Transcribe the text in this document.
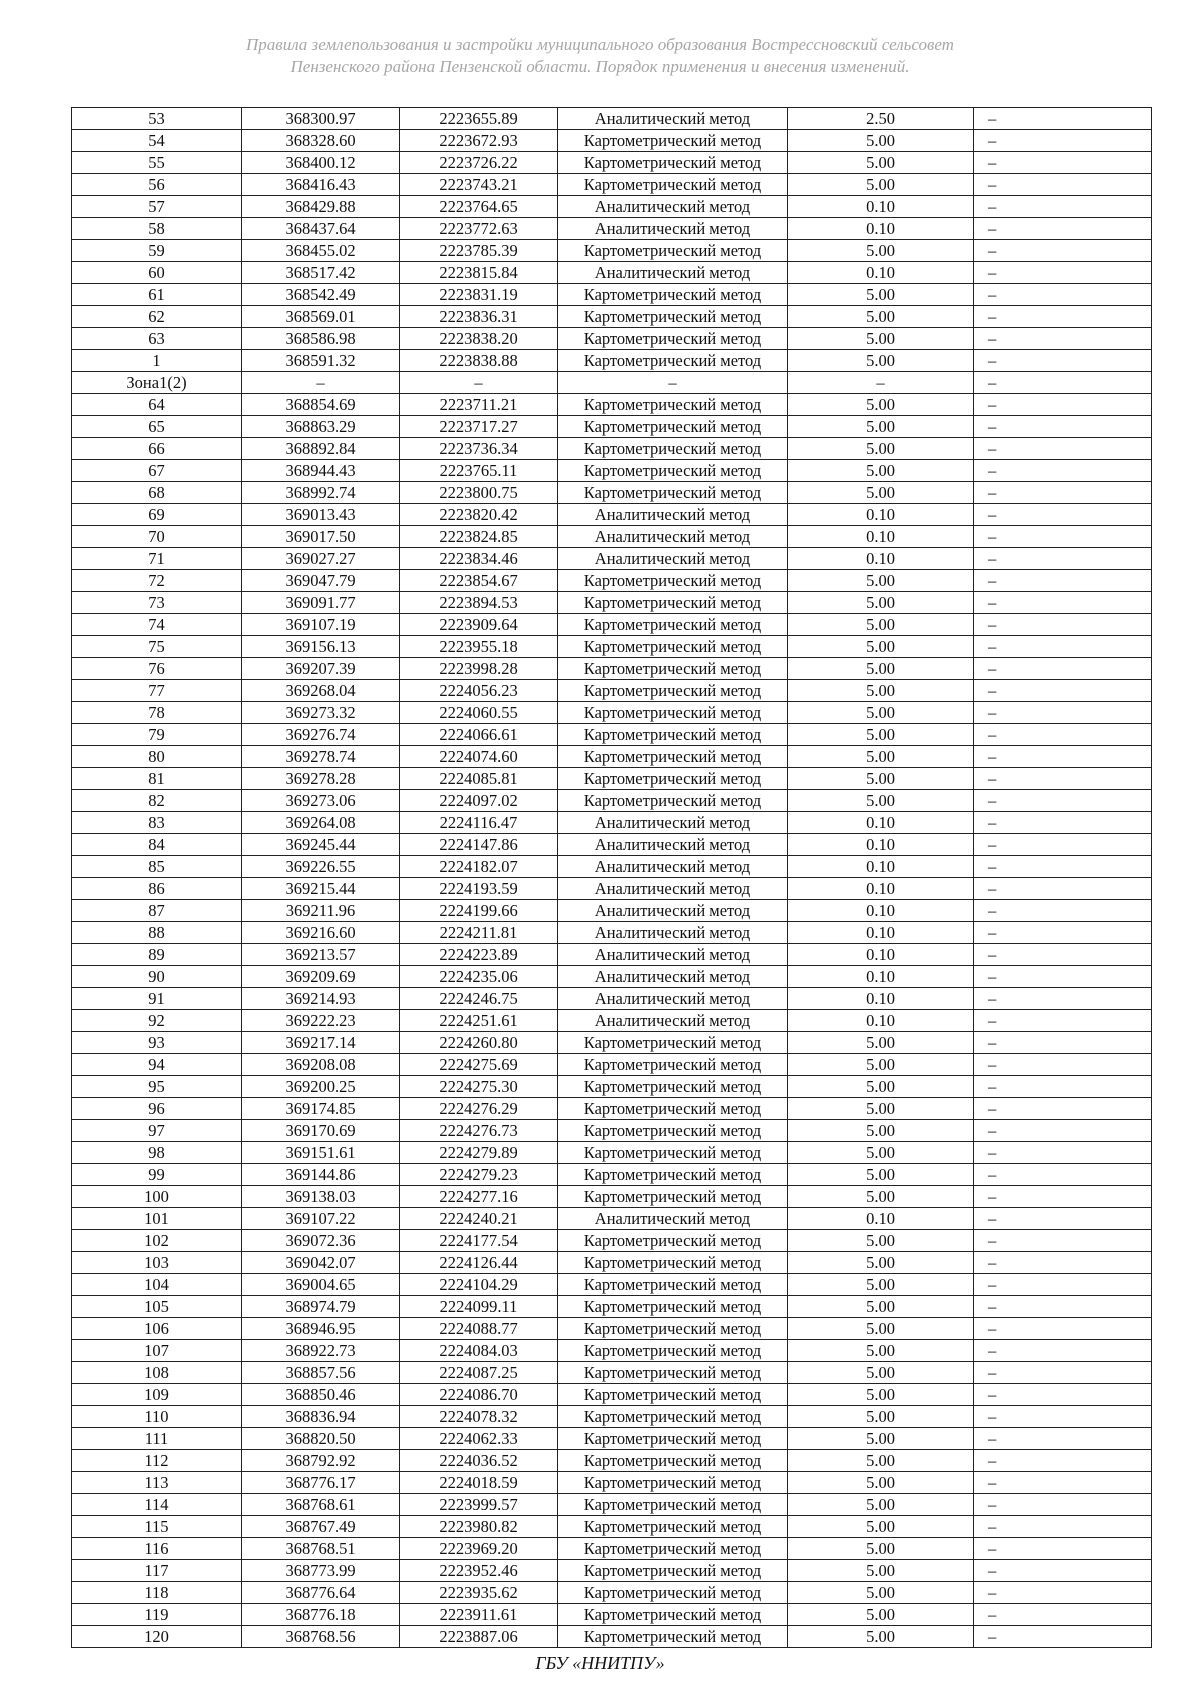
Правила землепользования и застройки муниципального образования Вострессновский сельсовет
Пензенского района Пензенской области. Порядок применения и внесения изменений.
53	368300.97	2223655.89	Аналитический метод	2.50	–
54	368328.60	2223672.93	Картометрический метод	5.00	–
55	368400.12	2223726.22	Картометрический метод	5.00	–
56	368416.43	2223743.21	Картометрический метод	5.00	–
57	368429.88	2223764.65	Аналитический метод	0.10	–
58	368437.64	2223772.63	Аналитический метод	0.10	–
59	368455.02	2223785.39	Картометрический метод	5.00	–
60	368517.42	2223815.84	Аналитический метод	0.10	–
61	368542.49	2223831.19	Картометрический метод	5.00	–
62	368569.01	2223836.31	Картометрический метод	5.00	–
63	368586.98	2223838.20	Картометрический метод	5.00	–
1	368591.32	2223838.88	Картометрический метод	5.00	–
Зона1(2)	–	–	–	–	–
64	368854.69	2223711.21	Картометрический метод	5.00	–
65	368863.29	2223717.27	Картометрический метод	5.00	–
66	368892.84	2223736.34	Картометрический метод	5.00	–
67	368944.43	2223765.11	Картометрический метод	5.00	–
68	368992.74	2223800.75	Картометрический метод	5.00	–
69	369013.43	2223820.42	Аналитический метод	0.10	–
70	369017.50	2223824.85	Аналитический метод	0.10	–
71	369027.27	2223834.46	Аналитический метод	0.10	–
72	369047.79	2223854.67	Картометрический метод	5.00	–
73	369091.77	2223894.53	Картометрический метод	5.00	–
74	369107.19	2223909.64	Картометрический метод	5.00	–
75	369156.13	2223955.18	Картометрический метод	5.00	–
76	369207.39	2223998.28	Картометрический метод	5.00	–
77	369268.04	2224056.23	Картометрический метод	5.00	–
78	369273.32	2224060.55	Картометрический метод	5.00	–
79	369276.74	2224066.61	Картометрический метод	5.00	–
80	369278.74	2224074.60	Картометрический метод	5.00	–
81	369278.28	2224085.81	Картометрический метод	5.00	–
82	369273.06	2224097.02	Картометрический метод	5.00	–
83	369264.08	2224116.47	Аналитический метод	0.10	–
84	369245.44	2224147.86	Аналитический метод	0.10	–
85	369226.55	2224182.07	Аналитический метод	0.10	–
86	369215.44	2224193.59	Аналитический метод	0.10	–
87	369211.96	2224199.66	Аналитический метод	0.10	–
88	369216.60	2224211.81	Аналитический метод	0.10	–
89	369213.57	2224223.89	Аналитический метод	0.10	–
90	369209.69	2224235.06	Аналитический метод	0.10	–
91	369214.93	2224246.75	Аналитический метод	0.10	–
92	369222.23	2224251.61	Аналитический метод	0.10	–
93	369217.14	2224260.80	Картометрический метод	5.00	–
94	369208.08	2224275.69	Картометрический метод	5.00	–
95	369200.25	2224275.30	Картометрический метод	5.00	–
96	369174.85	2224276.29	Картометрический метод	5.00	–
97	369170.69	2224276.73	Картометрический метод	5.00	–
98	369151.61	2224279.89	Картометрический метод	5.00	–
99	369144.86	2224279.23	Картометрический метод	5.00	–
100	369138.03	2224277.16	Картометрический метод	5.00	–
101	369107.22	2224240.21	Аналитический метод	0.10	–
102	369072.36	2224177.54	Картометрический метод	5.00	–
103	369042.07	2224126.44	Картометрический метод	5.00	–
104	369004.65	2224104.29	Картометрический метод	5.00	–
105	368974.79	2224099.11	Картометрический метод	5.00	–
106	368946.95	2224088.77	Картометрический метод	5.00	–
107	368922.73	2224084.03	Картометрический метод	5.00	–
108	368857.56	2224087.25	Картометрический метод	5.00	–
109	368850.46	2224086.70	Картометрический метод	5.00	–
110	368836.94	2224078.32	Картометрический метод	5.00	–
111	368820.50	2224062.33	Картометрический метод	5.00	–
112	368792.92	2224036.52	Картометрический метод	5.00	–
113	368776.17	2224018.59	Картометрический метод	5.00	–
114	368768.61	2223999.57	Картометрический метод	5.00	–
115	368767.49	2223980.82	Картометрический метод	5.00	–
116	368768.51	2223969.20	Картометрический метод	5.00	–
117	368773.99	2223952.46	Картометрический метод	5.00	–
118	368776.64	2223935.62	Картометрический метод	5.00	–
119	368776.18	2223911.61	Картометрический метод	5.00	–
120	368768.56	2223887.06	Картометрический метод	5.00	–
ГБУ «ННИТПУ»
